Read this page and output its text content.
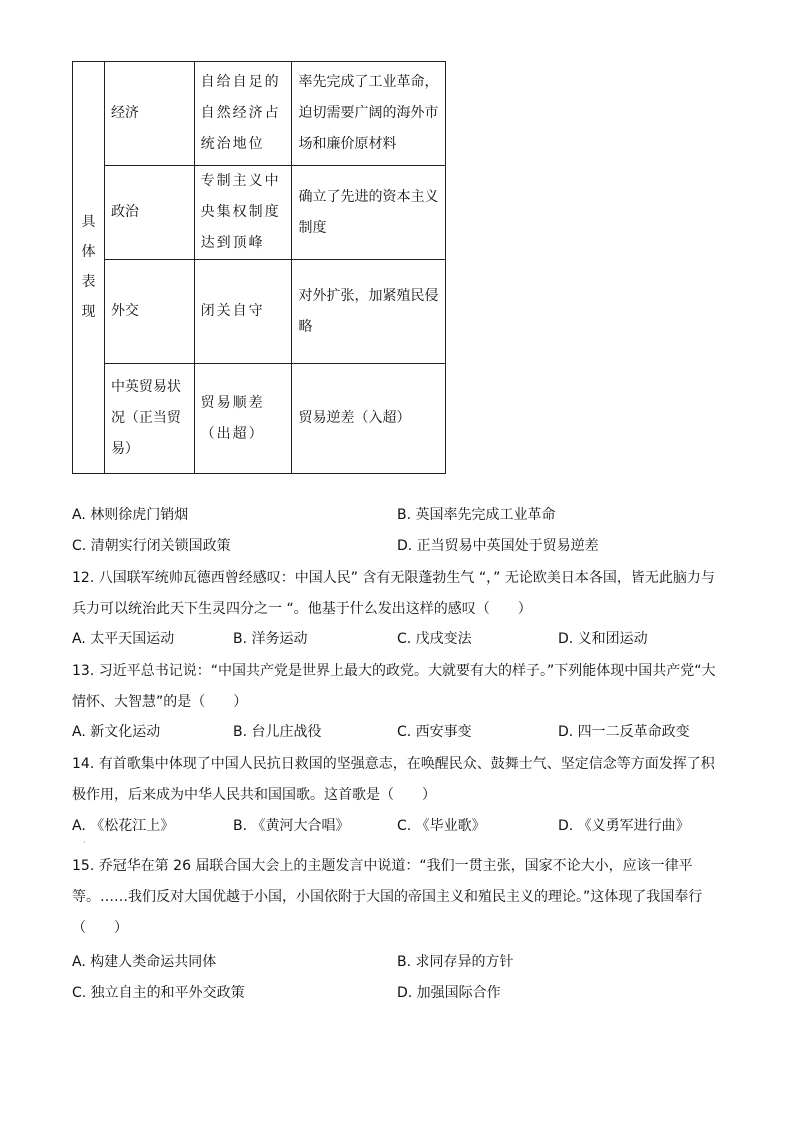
具体表现	经济	自给自足的自然经济占统治地位	率先完成了工业革命，迫切需要广阔的海外市场和廉价原材料
	政治	专制主义中央集权制度达到顶峰	确立了先进的资本主义制度
	外交	闭关自守	对外扩张，加紧殖民侵略
	中英贸易状况（正当贸易）	贸易顺差（出超）	贸易逆差（入超）
A. 林则徐虎门销烟	B. 英国率先完成工业革命
C. 清朝实行闭关锁国政策	D. 正当贸易中英国处于贸易逆差
12. 八国联军统帅瓦德西曾经感叹：中国人民” 含有无限蓬勃生气 “，” 无论欧美日本各国，皆无此脑力与兵力可以统治此天下生灵四分之一 “。他基于什么发出这样的感叹（　　）
A. 太平天国运动	B. 洋务运动	C. 戊戌变法	D. 义和团运动
13. 习近平总书记说：“中国共产党是世界上最大的政党。大就要有大的样子。”下列能体现中国共产党“大情怀、大智慧”的是（　　）
A. 新文化运动	B. 台儿庄战役	C. 西安事变	D. 四一二反革命政变
14. 有首歌集中体现了中国人民抗日救国的坚强意志，在唤醒民众、鼓舞士气、坚定信念等方面发挥了积极作用，后来成为中华人民共和国国歌。这首歌是（　　）
A. 《松花江上》	B. 《黄河大合唱》	C. 《毕业歌》	D. 《义勇军进行曲》
·
15. 乔冠华在第 26 届联合国大会上的主题发言中说道：“我们一贯主张，国家不论大小，应该一律平等。……我们反对大国优越于小国，小国依附于大国的帝国主义和殖民主义的理论。”这体现了我国奉行（　　）
A. 构建人类命运共同体	B. 求同存异的方针
C. 独立自主的和平外交政策	D. 加强国际合作
